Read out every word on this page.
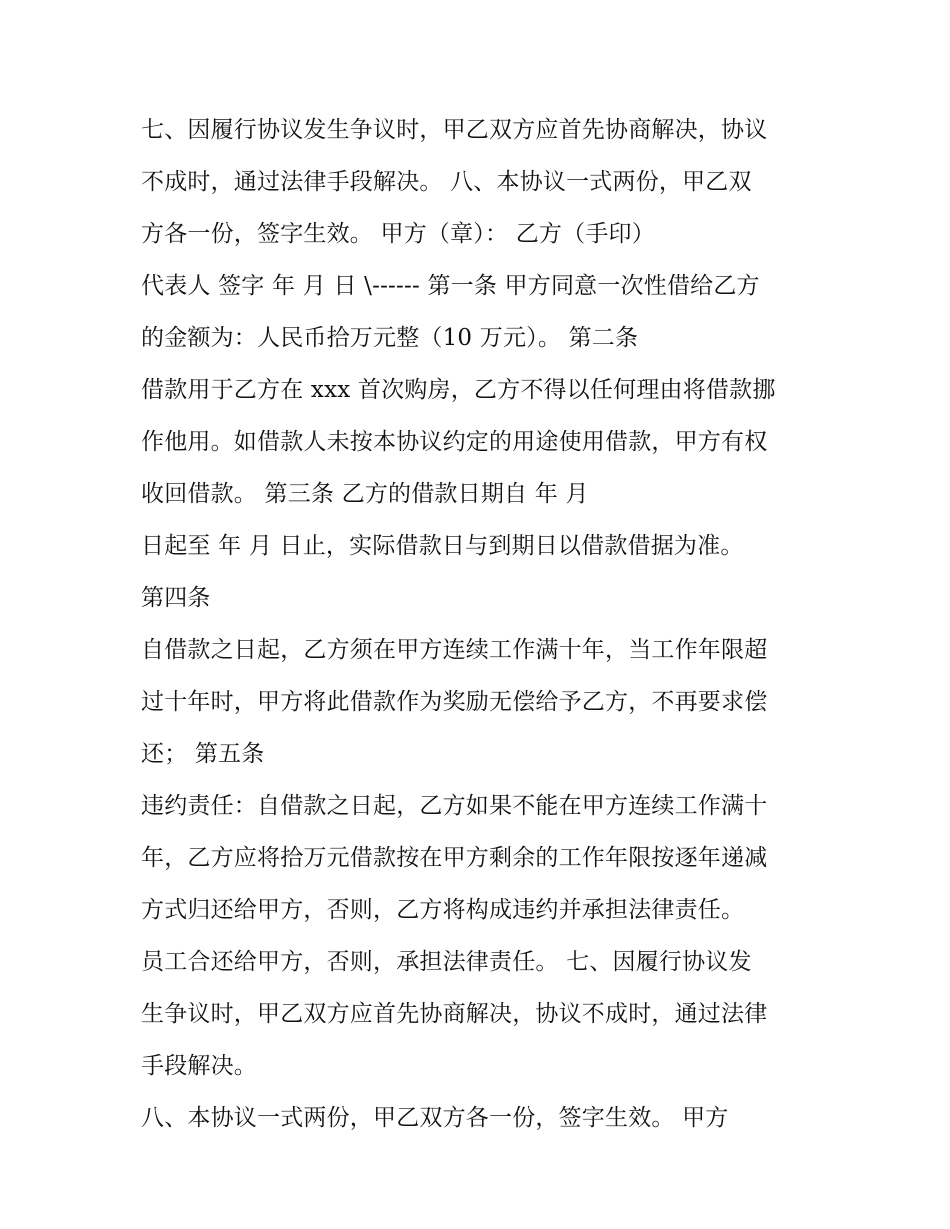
七、因履行协议发生争议时，甲乙双方应首先协商解决，协议
不成时，通过法律手段解决。 八、本协议一式两份，甲乙双
方各一份，签字生效。 甲方（章）： 乙方（手印）
代表人 签字 年 月 日 \------ 第一条 甲方同意一次性借给乙方
的金额为：人民币拾万元整（10 万元）。 第二条
借款用于乙方在 xxx 首次购房，乙方不得以任何理由将借款挪
作他用。如借款人未按本协议约定的用途使用借款，甲方有权
收回借款。 第三条 乙方的借款日期自 年 月
日起至 年 月 日止，实际借款日与到期日以借款借据为准。
第四条
自借款之日起，乙方须在甲方连续工作满十年，当工作年限超
过十年时，甲方将此借款作为奖励无偿给予乙方，不再要求偿
还； 第五条
违约责任：自借款之日起，乙方如果不能在甲方连续工作满十
年，乙方应将拾万元借款按在甲方剩余的工作年限按逐年递减
方式归还给甲方，否则，乙方将构成违约并承担法律责任。
员工合还给甲方，否则，承担法律责任。 七、因履行协议发
生争议时，甲乙双方应首先协商解决，协议不成时，通过法律
手段解决。
八、本协议一式两份，甲乙双方各一份，签字生效。 甲方
